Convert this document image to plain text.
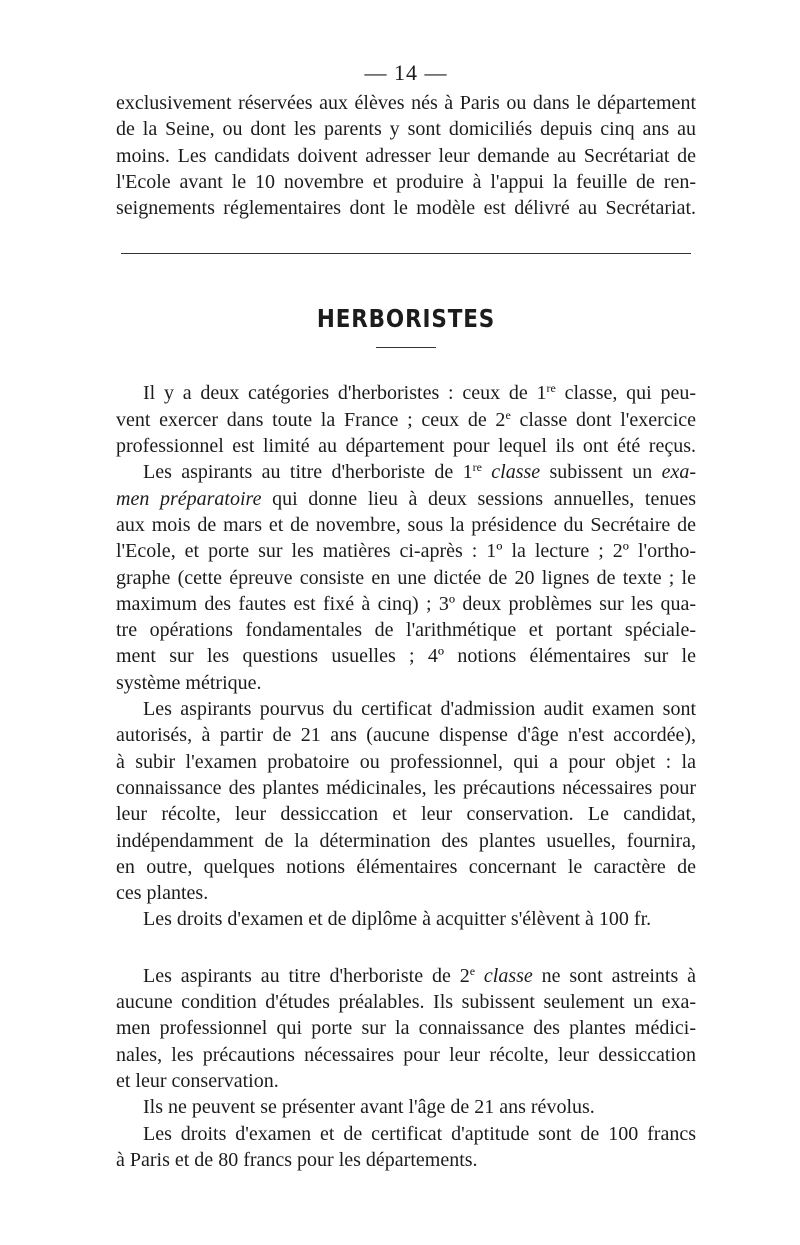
— 14 —

exclusivement réservées aux élèves nés à Paris ou dans le département
de la Seine, ou dont les parents y sont domiciliés depuis cinq ans au
moins. Les candidats doivent adresser leur demande au Secrétariat de
l'Ecole avant le 10 novembre et produire à l'appui la feuille de ren-
seignements réglementaires dont le modèle est délivré au Secrétariat.

HERBORISTES

Il y a deux catégories d'herboristes : ceux de 1re classe, qui peu-
vent exercer dans toute la France ; ceux de 2e classe dont l'exercice
professionnel est limité au département pour lequel ils ont été reçus.

Les aspirants au titre d'herboriste de 1re classe subissent un exa-
men préparatoire qui donne lieu à deux sessions annuelles, tenues
aux mois de mars et de novembre, sous la présidence du Secrétaire de
l'Ecole, et porte sur les matières ci-après : 1º la lecture ; 2º l'ortho-
graphe (cette épreuve consiste en une dictée de 20 lignes de texte ; le
maximum des fautes est fixé à cinq) ; 3º deux problèmes sur les qua-
tre opérations fondamentales de l'arithmétique et portant spéciale-
ment sur les questions usuelles ; 4º notions élémentaires sur le
système métrique.

Les aspirants pourvus du certificat d'admission audit examen sont
autorisés, à partir de 21 ans (aucune dispense d'âge n'est accordée),
à subir l'examen probatoire ou professionnel, qui a pour objet : la
connaissance des plantes médicinales, les précautions nécessaires pour
leur récolte, leur dessiccation et leur conservation. Le candidat,
indépendamment de la détermination des plantes usuelles, fournira,
en outre, quelques notions élémentaires concernant le caractère de
ces plantes.

Les droits d'examen et de diplôme à acquitter s'élèvent à 100 fr.

Les aspirants au titre d'herboriste de 2e classe ne sont astreints à
aucune condition d'études préalables. Ils subissent seulement un exa-
men professionnel qui porte sur la connaissance des plantes médici-
nales, les précautions nécessaires pour leur récolte, leur dessiccation
et leur conservation.

Ils ne peuvent se présenter avant l'âge de 21 ans révolus.

Les droits d'examen et de certificat d'aptitude sont de 100 francs
à Paris et de 80 francs pour les départements.
